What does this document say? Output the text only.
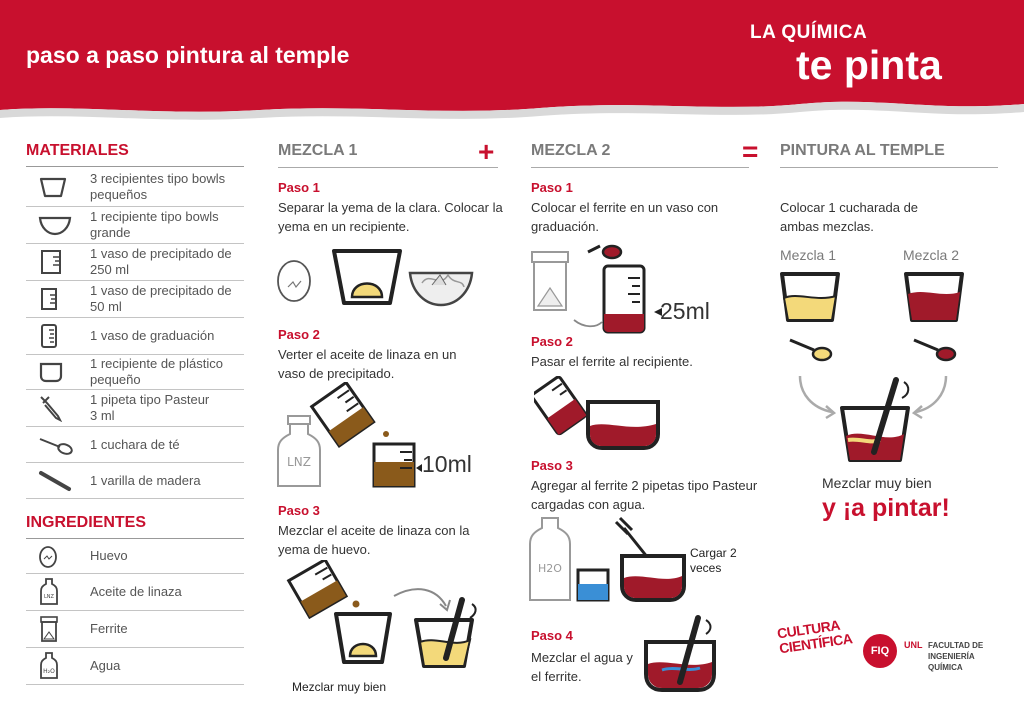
paso a paso pintura al temple
LA QUÍMICA
te pinta
MATERIALES
3 recipientes tipo bowls pequeños
1 recipiente tipo bowls grande
1 vaso de precipitado de 250 ml
1 vaso de precipitado de 50 ml
1 vaso de graduación
1 recipiente de plástico pequeño
1 pipeta tipo Pasteur 3 ml
1 cuchara de té
1 varilla de madera
INGREDIENTES
Huevo
LNZ	Aceite de linaza
Ferrite
H₂O	Agua
MEZCLA 1	+
Paso 1
Separar la yema de la clara. Colocar la yema en un recipiente.
Paso 2
Verter el aceite de linaza en un vaso de precipitado.
LNZ	10ml
Paso 3
Mezclar el aceite de linaza con la yema de huevo.
Mezclar muy bien
MEZCLA 2	=
Paso 1
Colocar el ferrite en un vaso con graduación.
25ml
Paso 2
Pasar el ferrite al recipiente.
Paso 3
Agregar al ferrite 2 pipetas tipo Pasteur cargadas con agua.
H2O
Cargar 2 veces
Paso 4
Mezclar el agua y el ferrite.
PINTURA AL TEMPLE
Colocar 1 cucharada de ambas mezclas.
Mezcla 1	Mezcla 2
Mezclar muy bien
y ¡a pintar!
CULTURA CIENTÍFICA	FIQ	UNL FACULTAD DE INGENIERÍA QUÍMICA
